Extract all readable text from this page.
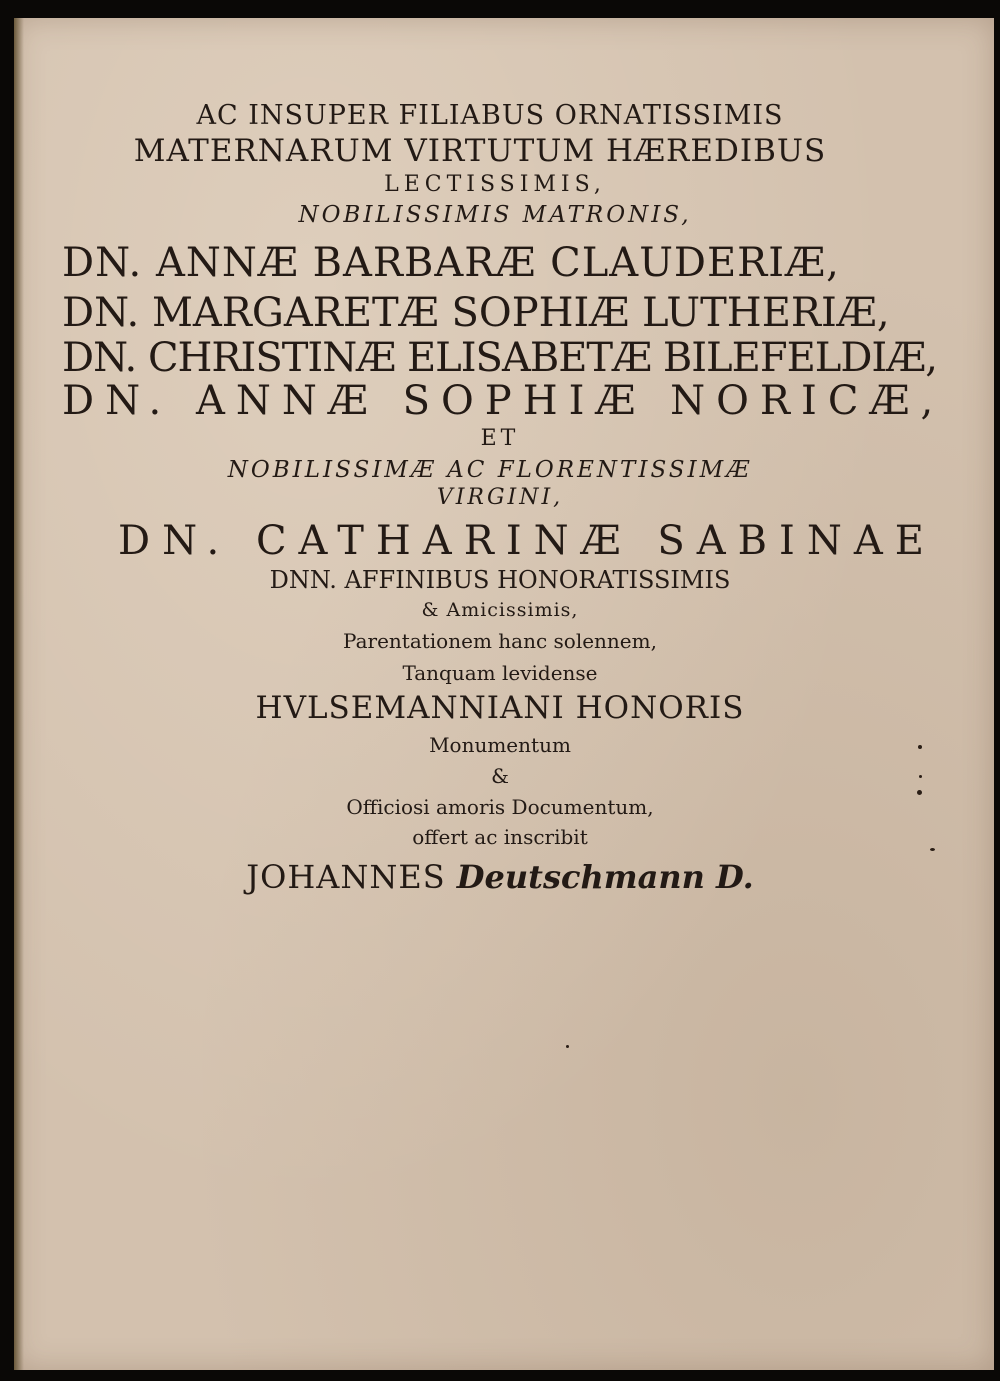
AC INSUPER FILIABUS ORNATISSIMIS
MATERNARUM VIRTUTUM HÆREDIBUS
LECTISSIMIS,
NOBILISSIMIS MATRONIS,
DN. ANNÆ BARBARÆ CLAUDERIÆ,
DN. MARGARETÆ SOPHIÆ LUTHERIÆ,
DN. CHRISTINÆ ELISABETÆ BILEFELDIÆ,
DN. ANNÆ SOPHIÆ NORICÆ,
ET
NOBILISSIMÆ AC FLORENTISSIMÆ
VIRGINI,
DN. CATHARINÆ SABINAE
DNN. AFFINIBUS HONORATISSIMIS
& Amicissimis,
Parentationem hanc solennem,
Tanquam levidense
HVLSEMANNIANI HONORIS
Monumentum
&
Officiosi amoris Documentum,
offert ac inscribit
JOHANNES Deutschmann D.
